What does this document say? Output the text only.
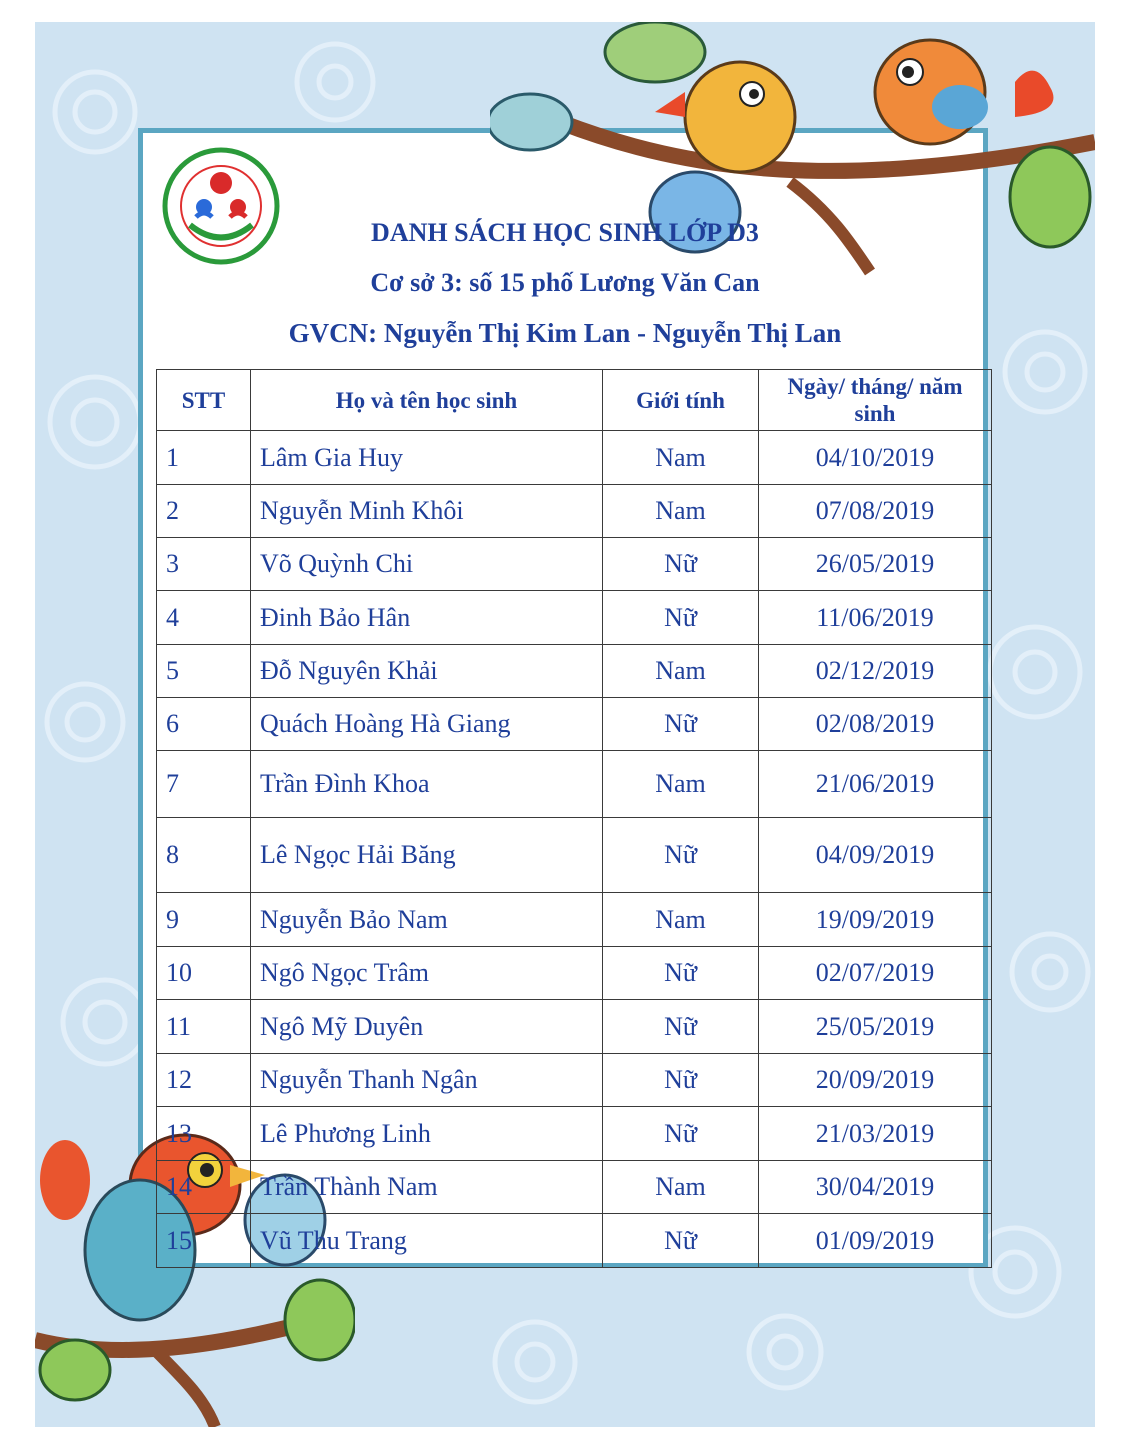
DANH SÁCH HỌC SINH LỚP D3
Cơ sở 3: số 15 phố Lương Văn Can
GVCN: Nguyễn Thị Kim Lan - Nguyễn Thị Lan
STT	Họ và tên học sinh	Giới tính	Ngày/ tháng/ năm sinh
1	Lâm Gia Huy	Nam	04/10/2019
2	Nguyễn Minh Khôi	Nam	07/08/2019
3	Võ Quỳnh Chi	Nữ	26/05/2019
4	Đinh Bảo Hân	Nữ	11/06/2019
5	Đỗ Nguyên Khải	Nam	02/12/2019
6	Quách Hoàng Hà Giang	Nữ	02/08/2019
7	Trần Đình Khoa	Nam	21/06/2019
8	Lê Ngọc Hải Băng	Nữ	04/09/2019
9	Nguyễn Bảo Nam	Nam	19/09/2019
10	Ngô Ngọc Trâm	Nữ	02/07/2019
11	Ngô Mỹ Duyên	Nữ	25/05/2019
12	Nguyễn Thanh Ngân	Nữ	20/09/2019
13	Lê Phương Linh	Nữ	21/03/2019
14	Trần Thành Nam	Nam	30/04/2019
15	Vũ Thu Trang	Nữ	01/09/2019
